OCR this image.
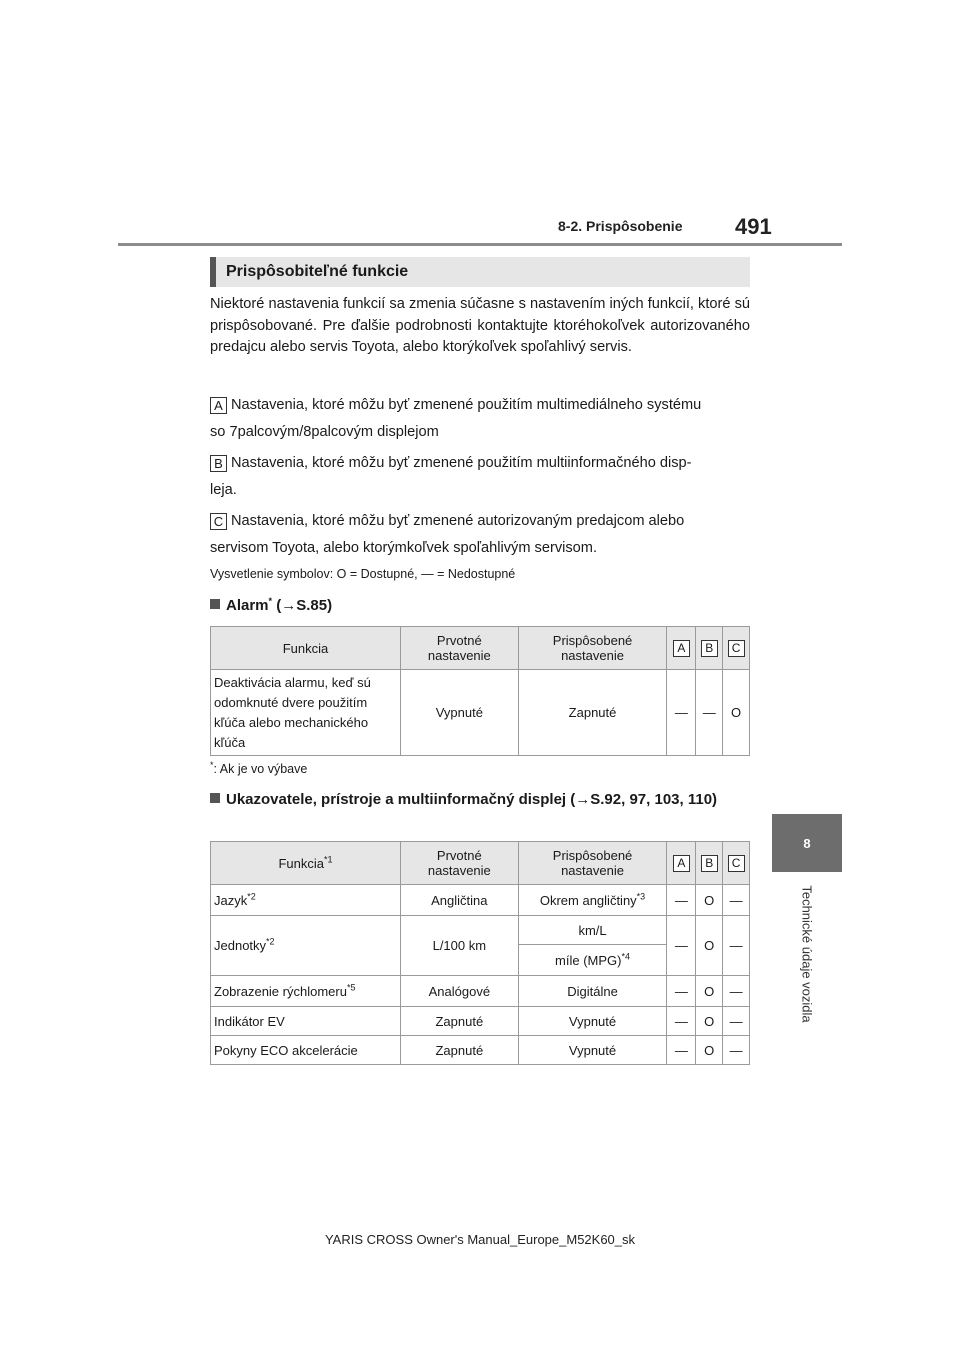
8-2. Prispôsobenie 491
8
Technické údaje vozidla
Prispôsobiteľné funkcie
Niektoré nastavenia funkcií sa zmenia súčasne s nastavením iných funkcií, ktoré sú prispôsobované. Pre ďalšie podrobnosti kontaktujte ktoréhokoľvek autorizovaného predajcu alebo servis Toyota, alebo ktorýkoľvek spoľahlivý servis.
A Nastavenia, ktoré môžu byť zmenené použitím multimediálneho systému
so 7palcovým/8palcovým displejom
B Nastavenia, ktoré môžu byť zmenené použitím multiinformačného disp-
leja.
C Nastavenia, ktoré môžu byť zmenené autorizovaným predajcom alebo
servisom Toyota, alebo ktorýmkoľvek spoľahlivým servisom.
Vysvetlenie symbolov: O = Dostupné, — = Nedostupné
Alarm* (→S.85)
Funkcia	Prvotné nastavenie	Prispôsobené nastavenie	A	B	C
Deaktivácia alarmu, keď sú odomknuté dvere použitím kľúča alebo mechanického kľúča	Vypnuté	Zapnuté	—	—	O
*: Ak je vo výbave
Ukazovatele, prístroje a multiinformačný displej (→S.92, 97, 103, 110)
Funkcia$^{*1}$	Prvotné nastavenie	Prispôsobené nastavenie	A	B	C
Jazyk$^{*2}$	Angličtina	Okrem angličtiny$^{*3}$	—	O	—
Jednotky$^{*2}$	L/100 km	km/L	—	O	—
		míle (MPG)$^{*4}$
Zobrazenie rýchlomeru$^{*5}$	Analógové	Digitálne	—	O	—
Indikátor EV	Zapnuté	Vypnuté	—	O	—
Pokyny ECO akcelerácie	Zapnuté	Vypnuté	—	O	—
YARIS CROSS Owner's Manual_Europe_M52K60_sk
